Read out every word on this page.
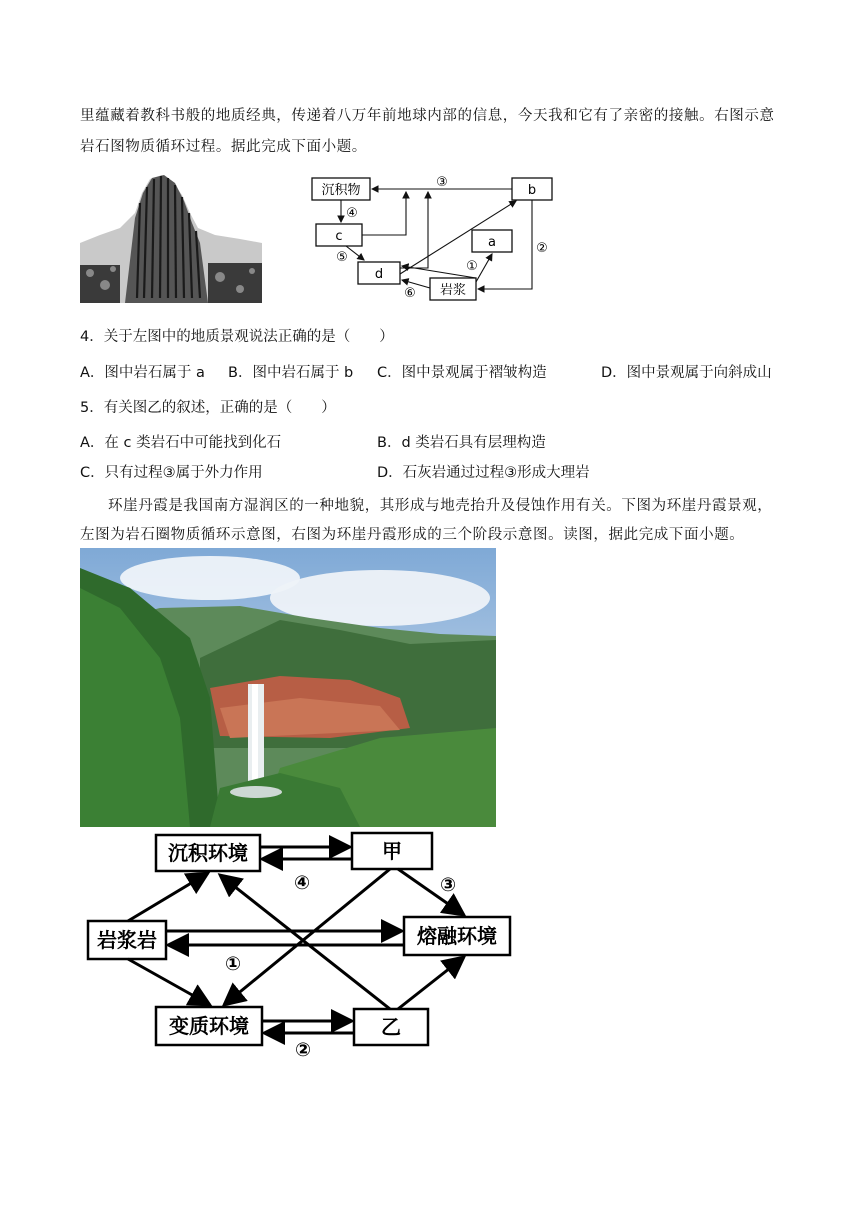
里蕴藏着教科书般的地质经典，传递着八万年前地球内部的信息，今天我和它有了亲密的接触。右图示意
岩石图物质循环过程。据此完成下面小题。
沉积物	b
c	a
d
岩浆
③
④
⑤
⑥
①
②
4．关于左图中的地质景观说法正确的是（　　）
A．图中岩石属于 a B．图中岩石属于 b C．图中景观属于褶皱构造	D．图中景观属于向斜成山
5．有关图乙的叙述，正确的是（　　）
A．在 c 类岩石中可能找到化石	B．d 类岩石具有层理构造
C．只有过程③属于外力作用	D．石灰岩通过过程③形成大理岩
环崖丹霞是我国南方湿润区的一种地貌，其形成与地壳抬升及侵蚀作用有关。下图为环崖丹霞景观，
左图为岩石圈物质循环示意图，右图为环崖丹霞形成的三个阶段示意图。读图，据此完成下面小题。
沉积环境	甲
岩浆岩	熔融环境
变质环境	乙
④	③
①
②
